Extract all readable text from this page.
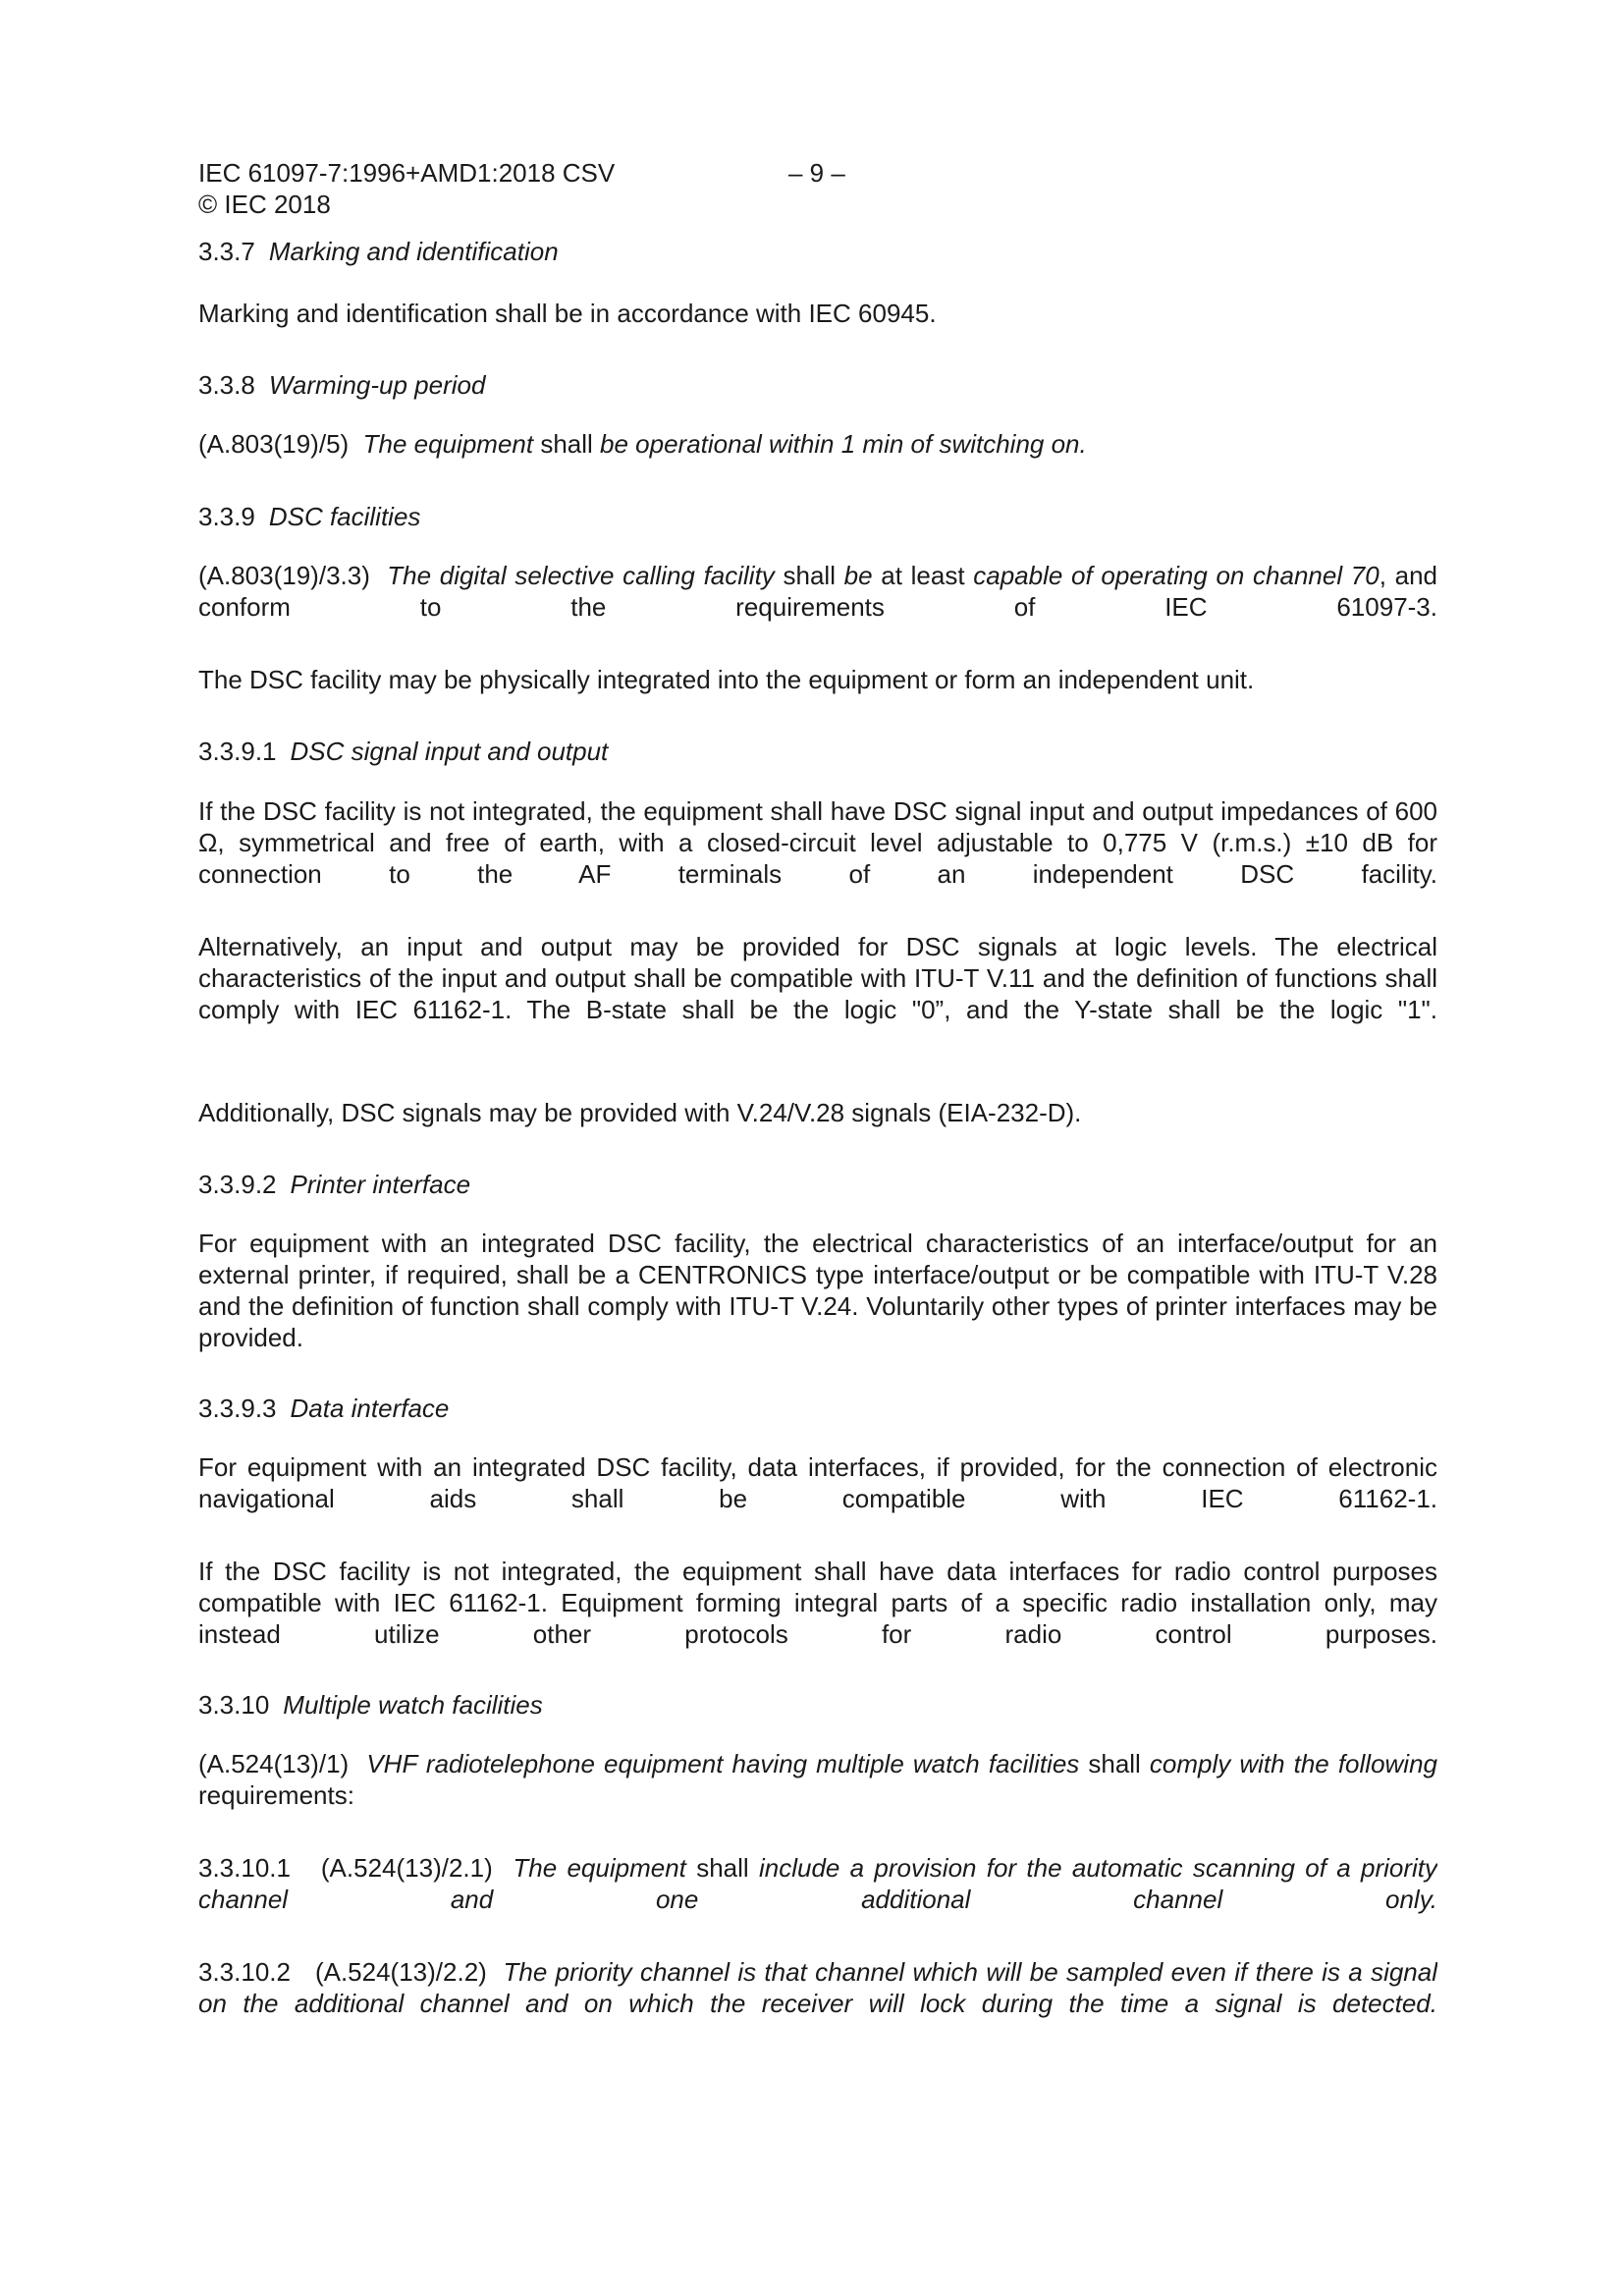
IEC 61097-7:1996+AMD1:2018 CSV
© IEC 2018
– 9 –
3.3.7 Marking and identification
Marking and identification shall be in accordance with IEC 60945.
3.3.8 Warming-up period
(A.803(19)/5) The equipment shall be operational within 1 min of switching on.
3.3.9 DSC facilities
(A.803(19)/3.3) The digital selective calling facility shall be at least capable of operating on channel 70, and conform to the requirements of IEC 61097-3.
The DSC facility may be physically integrated into the equipment or form an independent unit.
3.3.9.1 DSC signal input and output
If the DSC facility is not integrated, the equipment shall have DSC signal input and output impedances of 600 Ω, symmetrical and free of earth, with a closed-circuit level adjustable to 0,775 V (r.m.s.) ±10 dB for connection to the AF terminals of an independent DSC facility.
Alternatively, an input and output may be provided for DSC signals at logic levels. The electrical characteristics of the input and output shall be compatible with ITU-T V.11 and the definition of functions shall comply with IEC 61162-1. The B-state shall be the logic "0”, and the Y-state shall be the logic "1".
Additionally, DSC signals may be provided with V.24/V.28 signals (EIA-232-D).
3.3.9.2 Printer interface
For equipment with an integrated DSC facility, the electrical characteristics of an interface/output for an external printer, if required, shall be a CENTRONICS type interface/output or be compatible with ITU-T V.28 and the definition of function shall comply with ITU-T V.24. Voluntarily other types of printer interfaces may be provided.
3.3.9.3 Data interface
For equipment with an integrated DSC facility, data interfaces, if provided, for the connection of electronic navigational aids shall be compatible with IEC 61162-1.
If the DSC facility is not integrated, the equipment shall have data interfaces for radio control purposes compatible with IEC 61162-1. Equipment forming integral parts of a specific radio installation only, may instead utilize other protocols for radio control purposes.
3.3.10 Multiple watch facilities
(A.524(13)/1) VHF radiotelephone equipment having multiple watch facilities shall comply with the following requirements:
3.3.10.1 (A.524(13)/2.1) The equipment shall include a provision for the automatic scanning of a priority channel and one additional channel only.
3.3.10.2 (A.524(13)/2.2) The priority channel is that channel which will be sampled even if there is a signal on the additional channel and on which the receiver will lock during the time a signal is detected.
